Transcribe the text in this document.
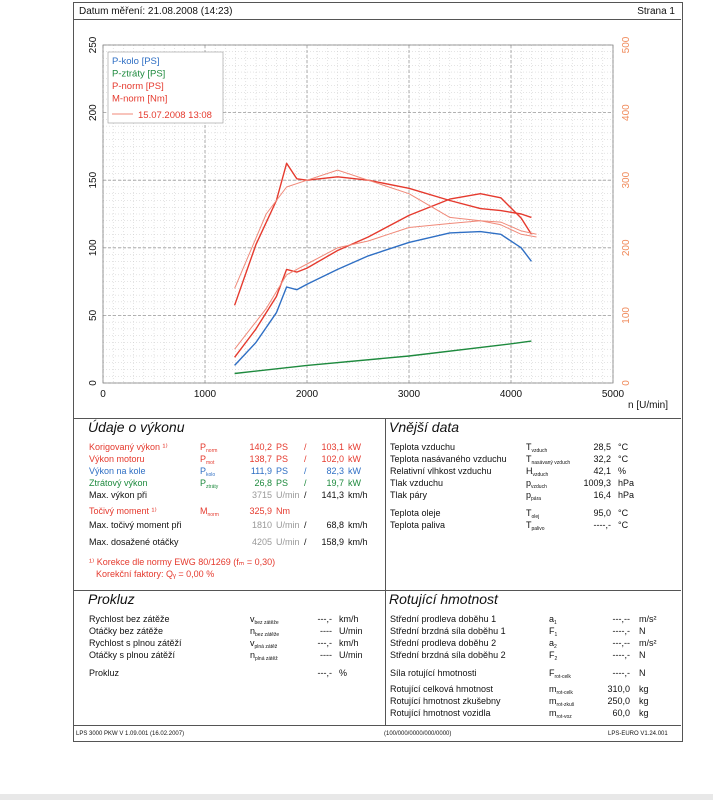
Datum měření: 21.08.2008 (14:23)	Strana 1
0	1000	2000	3000	4000	5000
0
50
100
150
200
250
0
100
200
300
400
500
n [U/min]
P-kolo [PS]
P-ztráty [PS]
P-norm [PS]
M-norm [Nm]
15.07.2008 13:08
Údaje o výkonu	Vnější data
Korigovaný výkon ¹⁾	$P_{norm}$	140,2 PS /	103,1 kW
Výkon motoru	$P_{mot}$	138,7 PS /	102,0 kW
Výkon na kole	$P_{kolo}$	111,9 PS /	82,3 kW
Ztrátový výkon	$P_{ztráty}$	26,8 PS /	19,7 kW
Max. výkon při	3715 U/min /	141,3 km/h
Točivý moment ¹⁾	$M_{norm}$	325,9 Nm
Max. točivý moment při	1810 U/min /	68,8 km/h
Max. dosažené otáčky	4205 U/min /	158,9 km/h
¹⁾ Korekce dle normy EWG 80/1269 (fₘ = 0,30)
Korekční faktory: Qᵧ = 0,00 %
Teplota vzduchu	$T_{vzduch}$	28,5 °C
Teplota nasávaného vzduchu $T_{nasávaný vzduch}$	32,2 °C
Relativní vlhkost vzduchu	$H_{vzduch}$	42,1 %
Tlak vzduchu	$p_{vzduch}$	1009,3 hPa
Tlak páry	$p_{pára}$	16,4 hPa
Teplota oleje	$T_{olej}$	95,0 °C
Teplota paliva	$T_{palivo}$	----,- °C
Prokluz	Rotující hmotnost
Rychlost bez zátěže	$v_{bez zátěže}$	---,- km/h
Otáčky bez zátěže	$n_{bez zátěže}$	---- U/min
Rychlost s plnou zátěží	$v_{plná zátěž}$	---,- km/h
Otáčky s plnou zátěží	$n_{plná zátěž}$	---- U/min
Prokluz	---,- %
Střední prodleva doběhu 1	$a_1$	---,-- m/s²
Střední brzdná síla doběhu 1	$F_1$	----,- N
Střední prodleva doběhu 2	$a_2$	---,-- m/s²
Střední brzdná síla doběhu 2	$F_2$	----,- N
Síla rotující hmotnosti	$F_{rot-celk}$	----,- N
Rotující celková hmotnost	$m_{rot-celk}$	310,0 kg
Rotující hmotnost zkušebny	$m_{rot-zkuš}$	250,0 kg
Rotující hmotnost vozidla	$m_{rot-voz}$	60,0 kg
LPS 3000 PKW V 1.09.001 (16.02.2007)	(100/000/0000/000/0000)	LPS-EURO V1.24.001
